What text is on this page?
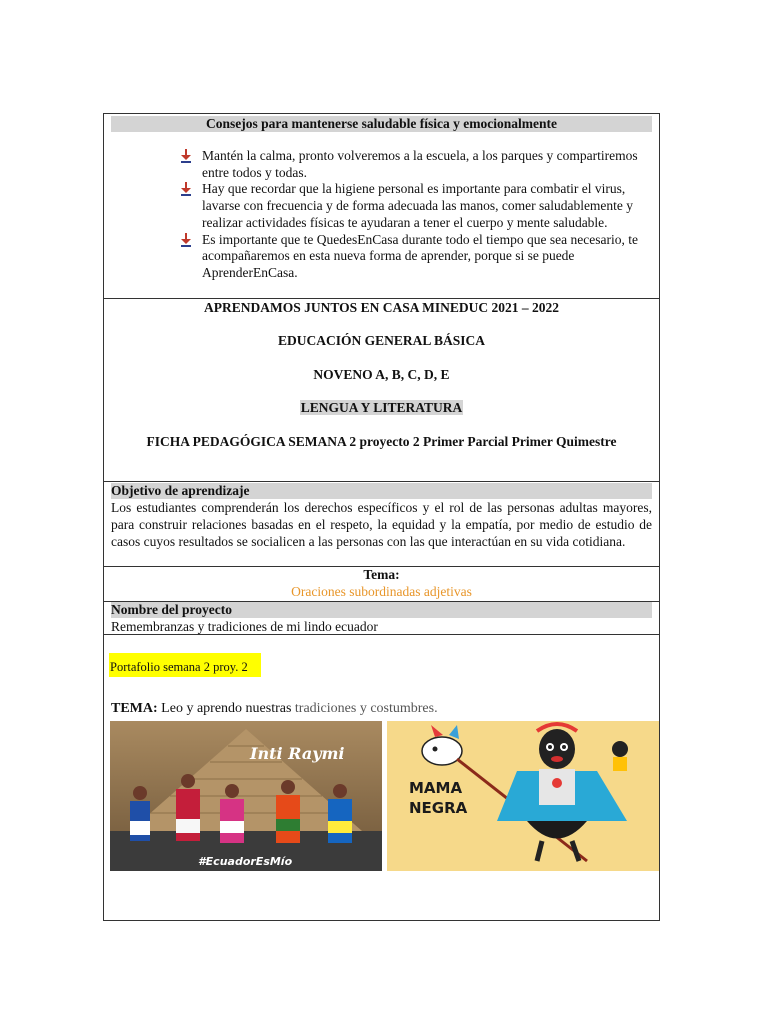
Consejos para mantenerse saludable física y emocionalmente

Mantén la calma, pronto volveremos a la escuela, a los parques y compartiremos entre todos y todas.

Hay que recordar que la higiene personal es importante para combatir el virus, lavarse con frecuencia y de forma adecuada las manos, comer saludablemente y realizar actividades físicas te ayudaran a tener el cuerpo y mente saludable.

Es importante que te QuedesEnCasa durante todo el tiempo que sea necesario, te acompañaremos en esta nueva forma de aprender, porque si se puede AprenderEnCasa.

APRENDAMOS JUNTOS EN CASA MINEDUC 2021 – 2022
EDUCACIÓN GENERAL BÁSICA
NOVENO A, B, C, D, E
LENGUA Y LITERATURA
FICHA PEDAGÓGICA SEMANA 2 proyecto 2 Primer Parcial Primer Quimestre
Objetivo de aprendizaje
Los estudiantes comprenderán los derechos específicos y el rol de las personas adultas mayores, para construir relaciones basadas en el respeto, la equidad y la empatía, por medio de estudio de casos cuyos resultados se socialicen a las personas con las que interactúan en su vida cotidiana.
Tema:
Oraciones subordinadas adjetivas
Nombre del proyecto
Remembranzas y tradiciones de mi lindo ecuador
Portafolio semana 2 proy. 2
TEMA: Leo y aprendo nuestras tradiciones y costumbres.
Inti Raymi
#EcuadorEsMío
MAMA
NEGRA
